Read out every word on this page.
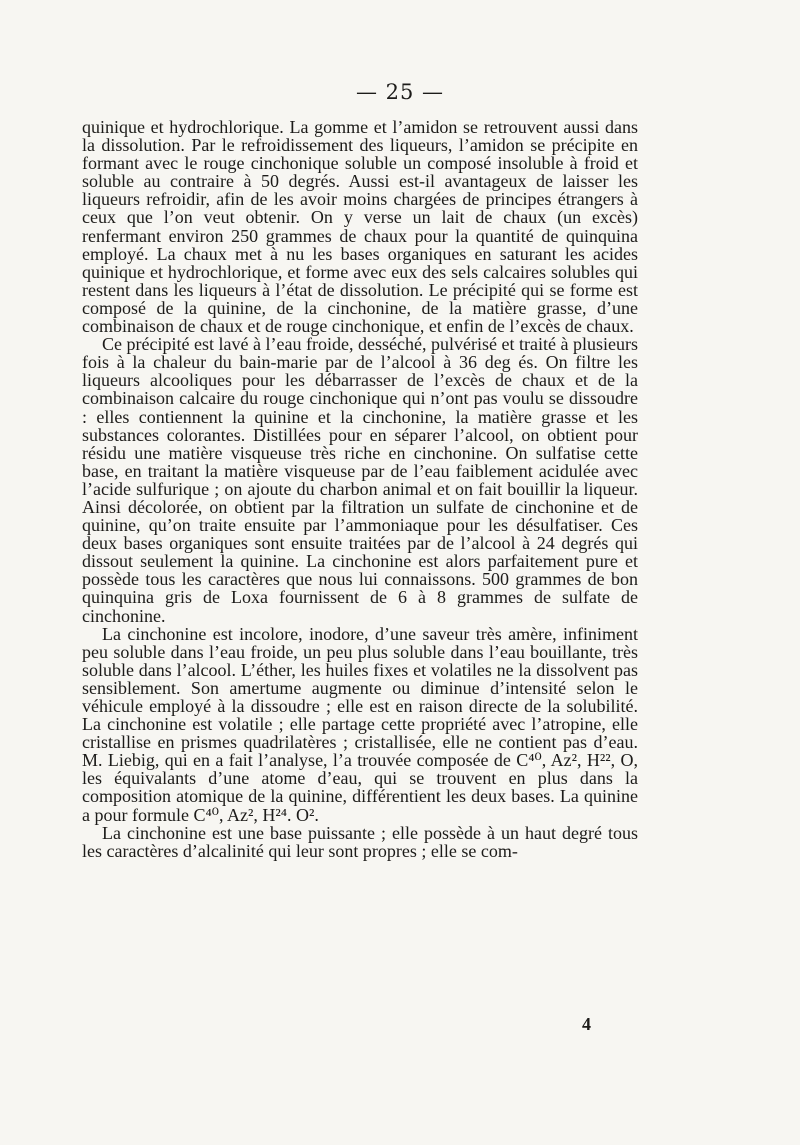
— 25 —

quinique et hydrochlorique. La gomme et l’amidon se retrouvent aussi dans la dissolution. Par le refroidissement des liqueurs, l’amidon se précipite en formant avec le rouge cinchonique soluble un composé insoluble à froid et soluble au contraire à 50 degrés. Aussi est-il avantageux de laisser les liqueurs refroidir, afin de les avoir moins chargées de principes étrangers à ceux que l’on veut obtenir. On y verse un lait de chaux (un excès) renfermant environ 250 grammes de chaux pour la quantité de quinquina employé. La chaux met à nu les bases organiques en saturant les acides quinique et hydrochlorique, et forme avec eux des sels calcaires solubles qui restent dans les liqueurs à l’état de dissolution. Le précipité qui se forme est composé de la quinine, de la cinchonine, de la matière grasse, d’une combinaison de chaux et de rouge cinchonique, et enfin de l’excès de chaux.

Ce précipité est lavé à l’eau froide, desséché, pulvérisé et traité à plusieurs fois à la chaleur du bain-marie par de l’alcool à 36 deg és. On filtre les liqueurs alcooliques pour les débarrasser de l’excès de chaux et de la combinaison calcaire du rouge cinchonique qui n’ont pas voulu se dissoudre : elles contiennent la quinine et la cinchonine, la matière grasse et les substances colorantes. Distillées pour en séparer l’alcool, on obtient pour résidu une matière visqueuse très riche en cinchonine. On sulfatise cette base, en traitant la matière visqueuse par de l’eau faiblement acidulée avec l’acide sulfurique ; on ajoute du charbon animal et on fait bouillir la liqueur. Ainsi décolorée, on obtient par la filtration un sulfate de cinchonine et de quinine, qu’on traite ensuite par l’ammoniaque pour les désulfatiser. Ces deux bases organiques sont ensuite traitées par de l’alcool à 24 degrés qui dissout seulement la quinine. La cinchonine est alors parfaitement pure et possède tous les caractères que nous lui connaissons. 500 grammes de bon quinquina gris de Loxa fournissent de 6 à 8 grammes de sulfate de cinchonine.

La cinchonine est incolore, inodore, d’une saveur très amère, infiniment peu soluble dans l’eau froide, un peu plus soluble dans l’eau bouillante, très soluble dans l’alcool. L’éther, les huiles fixes et volatiles ne la dissolvent pas sensiblement. Son amertume augmente ou diminue d’intensité selon le véhicule employé à la dissoudre ; elle est en raison directe de la solubilité. La cinchonine est volatile ; elle partage cette propriété avec l’atropine, elle cristallise en prismes quadrilatères ; cristallisée, elle ne contient pas d’eau. M. Liebig, qui en a fait l’analyse, l’a trouvée composée de C⁴⁰, Az², H²², O, les équivalants d’une atome d’eau, qui se trouvent en plus dans la composition atomique de la quinine, différentient les deux bases. La quinine a pour formule C⁴⁰, Az², H²⁴. O².

La cinchonine est une base puissante ; elle possède à un haut degré tous les caractères d’alcalinité qui leur sont propres ; elle se com-

4
